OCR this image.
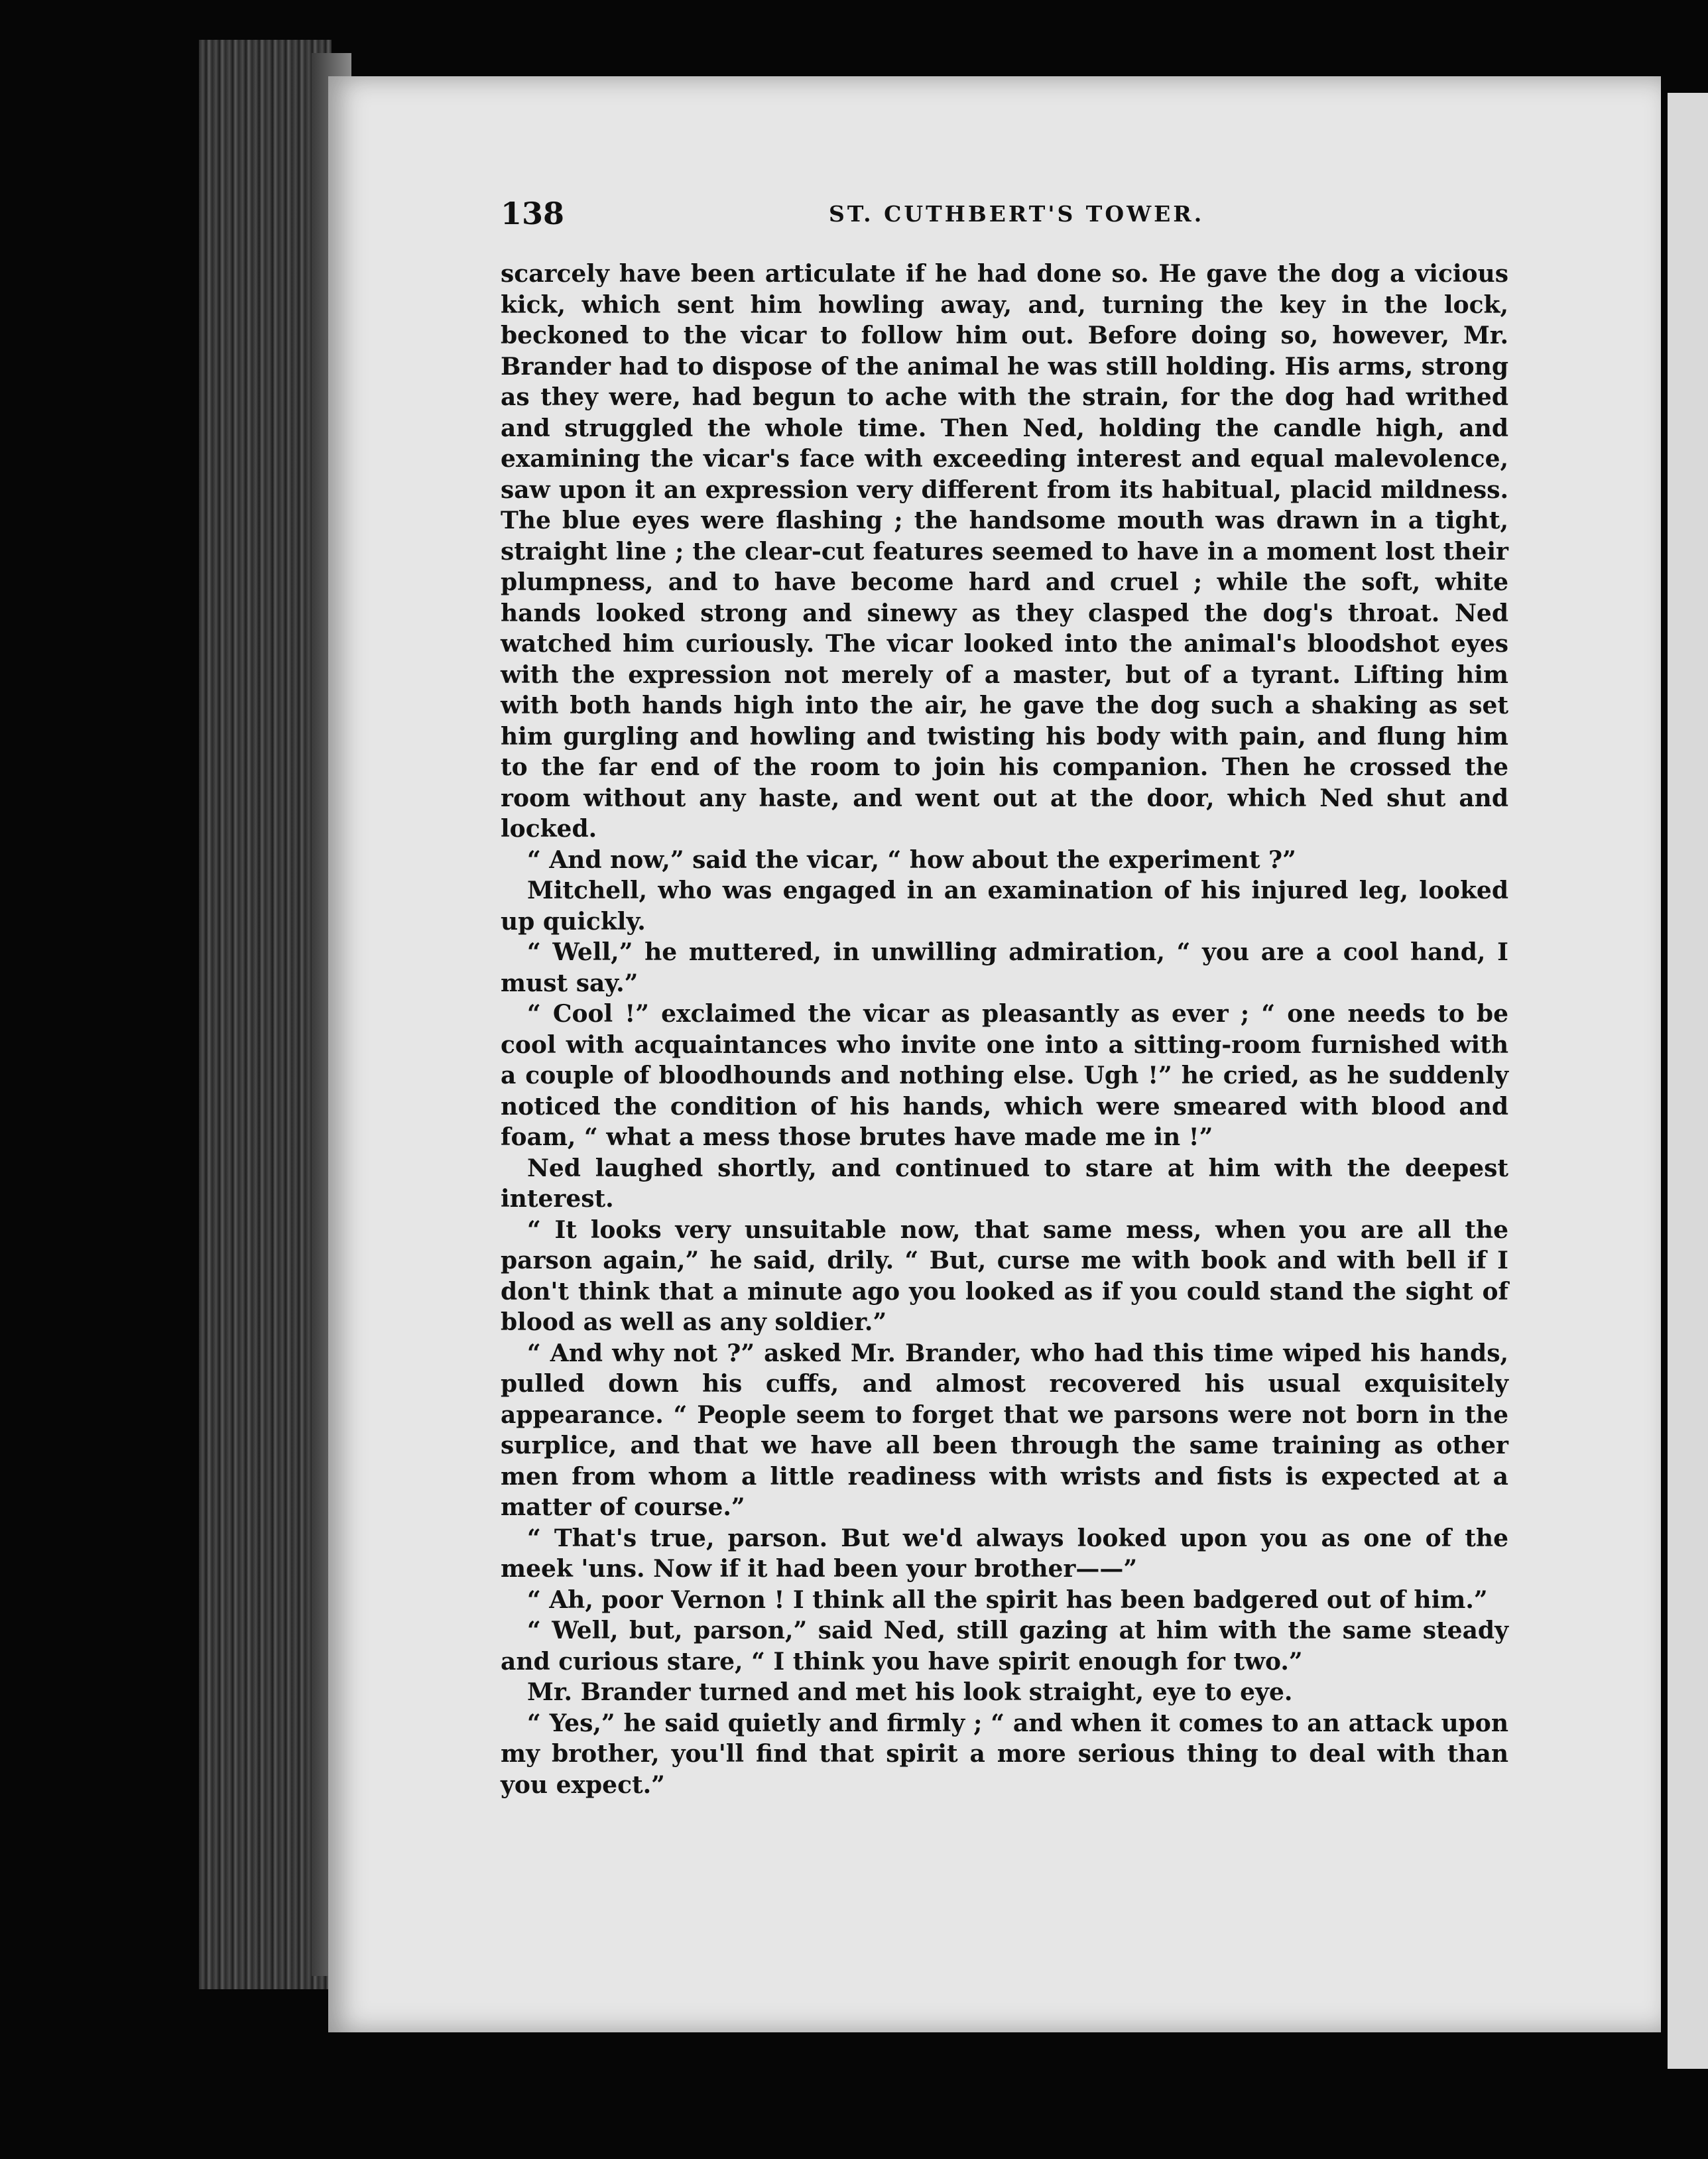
138	ST. CUTHBERT'S TOWER.

scarcely have been articulate if he had done so. He gave the dog a vicious kick, which sent him howling away, and, turning the key in the lock, beckoned to the vicar to follow him out. Before doing so, however, Mr. Brander had to dispose of the animal he was still holding. His arms, strong as they were, had begun to ache with the strain, for the dog had writhed and struggled the whole time. Then Ned, holding the candle high, and examining the vicar's face with exceeding interest and equal malevolence, saw upon it an expression very different from its habitual, placid mildness. The blue eyes were flashing ; the handsome mouth was drawn in a tight, straight line ; the clear-cut features seemed to have in a moment lost their plumpness, and to have become hard and cruel ; while the soft, white hands looked strong and sinewy as they clasped the dog's throat. Ned watched him curiously. The vicar looked into the animal's bloodshot eyes with the expression not merely of a master, but of a tyrant. Lifting him with both hands high into the air, he gave the dog such a shaking as set him gurgling and howling and twisting his body with pain, and flung him to the far end of the room to join his companion. Then he crossed the room without any haste, and went out at the door, which Ned shut and locked.

“ And now,” said the vicar, “ how about the experiment ?”

Mitchell, who was engaged in an examination of his injured leg, looked up quickly.

“ Well,” he muttered, in unwilling admiration, “ you are a cool hand, I must say.”

“ Cool !” exclaimed the vicar as pleasantly as ever ; “ one needs to be cool with acquaintances who invite one into a sitting-room furnished with a couple of bloodhounds and nothing else. Ugh !” he cried, as he suddenly noticed the condition of his hands, which were smeared with blood and foam, “ what a mess those brutes have made me in !”

Ned laughed shortly, and continued to stare at him with the deepest interest.

“ It looks very unsuitable now, that same mess, when you are all the parson again,” he said, drily. “ But, curse me with book and with bell if I don't think that a minute ago you looked as if you could stand the sight of blood as well as any soldier.”

“ And why not ?” asked Mr. Brander, who had this time wiped his hands, pulled down his cuffs, and almost recovered his usual exquisitely appearance. “ People seem to forget that we parsons were not born in the surplice, and that we have all been through the same training as other men from whom a little readiness with wrists and fists is expected at a matter of course.”

“ That's true, parson. But we'd always looked upon you as one of the meek 'uns. Now if it had been your brother——”

“ Ah, poor Vernon ! I think all the spirit has been badgered out of him.”

“ Well, but, parson,” said Ned, still gazing at him with the same steady and curious stare, “ I think you have spirit enough for two.”

Mr. Brander turned and met his look straight, eye to eye.

“ Yes,” he said quietly and firmly ; “ and when it comes to an attack upon my brother, you'll find that spirit a more serious thing to deal with than you expect.”
